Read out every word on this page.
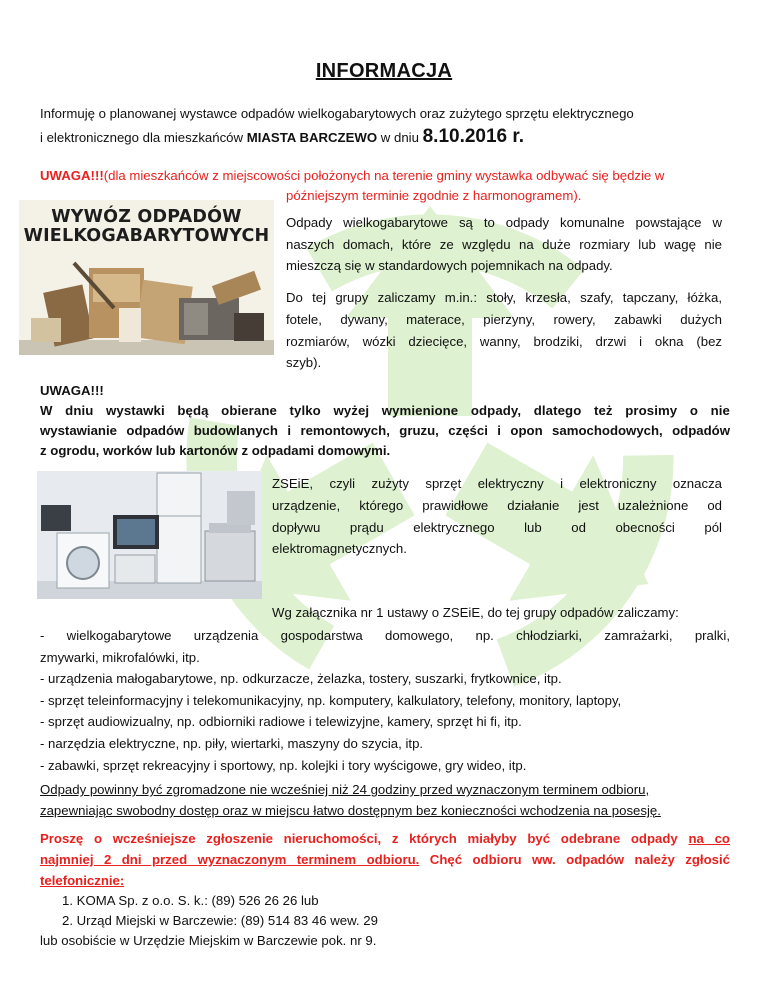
INFORMACJA
Informuję o planowanej wystawce odpadów wielkogabarytowych oraz zużytego sprzętu elektrycznego
i elektronicznego dla mieszkańców MIASTA BARCZEWO w dniu 8.10.2016 r.
UWAGA!!!(dla mieszkańców z miejscowości położonych na terenie gminy wystawka odbywać się będzie w
późniejszym terminie zgodnie z harmonogramem).
WYWÓZ ODPADÓW
WIELKOGABARYTOWYCH
Odpady wielkogabarytowe są to odpady komunalne powstające w
naszych domach, które ze względu na duże rozmiary lub wagę nie
mieszczą się w standardowych pojemnikach na odpady.
Do tej grupy zaliczamy m.in.: stoły, krzesła, szafy, tapczany, łóżka,
fotele, dywany, materace, pierzyny, rowery, zabawki dużych
rozmiarów, wózki dziecięce, wanny, brodziki, drzwi i okna (bez
szyb).
UWAGA!!!
W dniu wystawki będą obierane tylko wyżej wymienione odpady, dlatego też prosimy o nie
wystawianie odpadów budowlanych i remontowych, gruzu, części i opon samochodowych, odpadów
z ogrodu, worków lub kartonów z odpadami domowymi.
ZSEiE, czyli zużyty sprzęt elektryczny i elektroniczny oznacza
urządzenie, którego prawidłowe działanie jest uzależnione od
dopływu prądu elektrycznego lub od obecności pól
elektromagnetycznych.
Wg załącznika nr 1 ustawy o ZSEiE, do tej grupy odpadów zaliczamy:
- wielkogabarytowe urządzenia gospodarstwa domowego, np. chłodziarki, zamrażarki, pralki,
zmywarki, mikrofalówki, itp.
- urządzenia małogabarytowe, np. odkurzacze, żelazka, tostery, suszarki, frytkownice, itp.
- sprzęt teleinformacyjny i telekomunikacyjny, np. komputery, kalkulatory, telefony, monitory, laptopy,
- sprzęt audiowizualny, np. odbiorniki radiowe i telewizyjne, kamery, sprzęt hi fi, itp.
- narzędzia elektryczne, np. piły, wiertarki, maszyny do szycia, itp.
- zabawki, sprzęt rekreacyjny i sportowy, np. kolejki i tory wyścigowe, gry wideo, itp.
Odpady powinny być zgromadzone nie wcześniej niż 24 godziny przed wyznaczonym terminem odbioru,
zapewniając swobodny dostęp oraz w miejscu łatwo dostępnym bez konieczności wchodzenia na posesję.
Proszę o wcześniejsze zgłoszenie nieruchomości, z których miałyby być odebrane odpady na co
najmniej 2 dni przed wyznaczonym terminem odbioru. Chęć odbioru ww. odpadów należy zgłosić
telefonicznie:
1. KOMA Sp. z o.o. S. k.: (89) 526 26 26 lub
2. Urząd Miejski w Barczewie: (89) 514 83 46 wew. 29
lub osobiście w Urzędzie Miejskim w Barczewie pok. nr 9.
